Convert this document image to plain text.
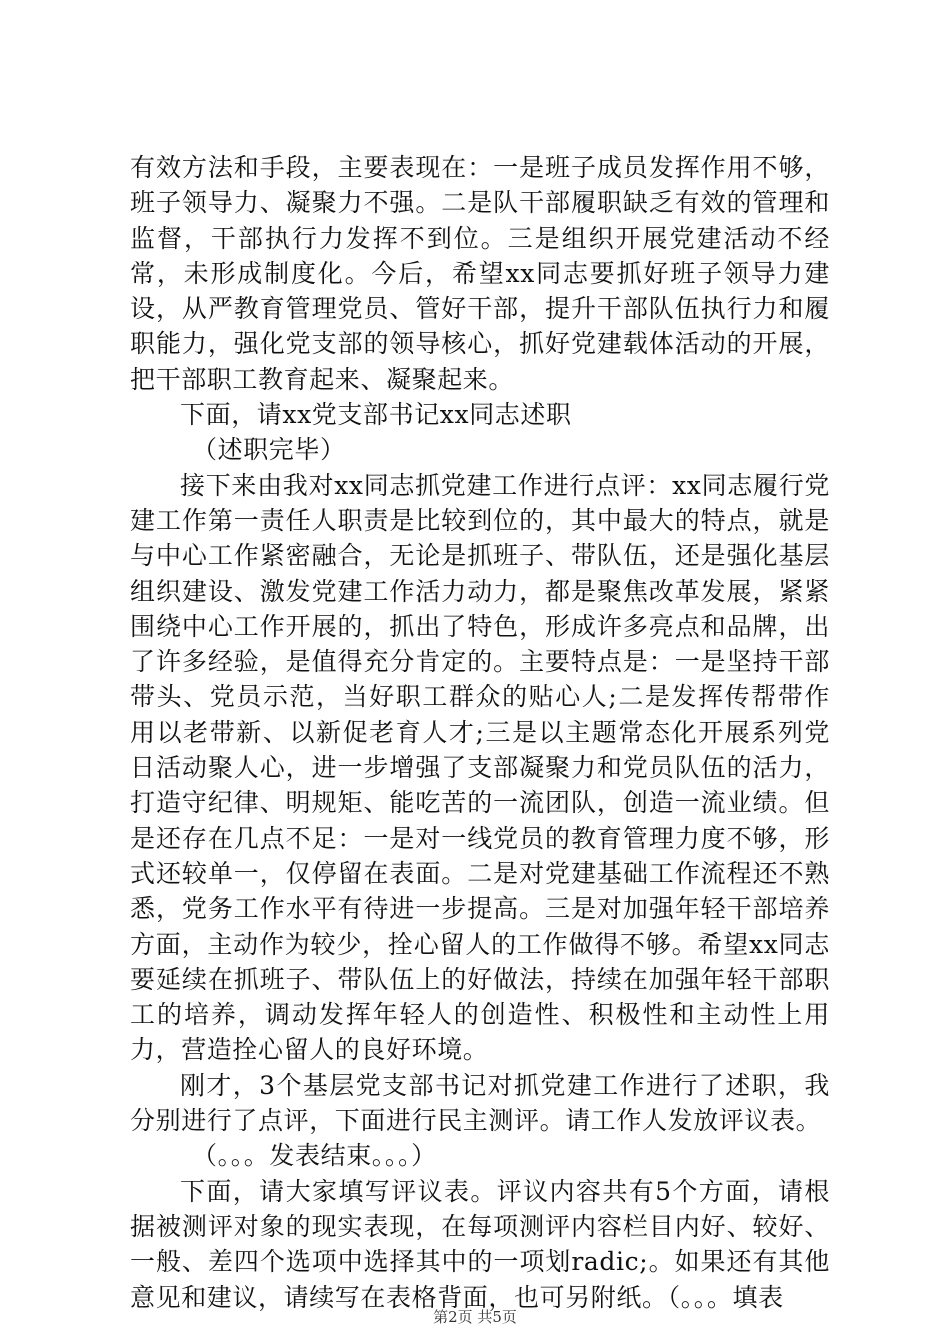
有效方法和手段，主要表现在：一是班子成员发挥作用不够，班子领导力、凝聚力不强。二是队干部履职缺乏有效的管理和监督，干部执行力发挥不到位。三是组织开展党建活动不经常，未形成制度化。今后，希望xx同志要抓好班子领导力建设，从严教育管理党员、管好干部，提升干部队伍执行力和履职能力，强化党支部的领导核心，抓好党建载体活动的开展，把干部职工教育起来、凝聚起来。

下面，请xx党支部书记xx同志述职

（述职完毕）

接下来由我对xx同志抓党建工作进行点评：xx同志履行党建工作第一责任人职责是比较到位的，其中最大的特点，就是与中心工作紧密融合，无论是抓班子、带队伍，还是强化基层组织建设、激发党建工作活力动力，都是聚焦改革发展，紧紧围绕中心工作开展的，抓出了特色，形成许多亮点和品牌，出了许多经验，是值得充分肯定的。主要特点是：一是坚持干部带头、党员示范，当好职工群众的贴心人;二是发挥传帮带作用以老带新、以新促老育人才;三是以主题常态化开展系列党日活动聚人心，进一步增强了支部凝聚力和党员队伍的活力，打造守纪律、明规矩、能吃苦的一流团队，创造一流业绩。但是还存在几点不足：一是对一线党员的教育管理力度不够，形式还较单一，仅停留在表面。二是对党建基础工作流程还不熟悉，党务工作水平有待进一步提高。三是对加强年轻干部培养方面，主动作为较少，拴心留人的工作做得不够。希望xx同志要延续在抓班子、带队伍上的好做法，持续在加强年轻干部职工的培养，调动发挥年轻人的创造性、积极性和主动性上用力，营造拴心留人的良好环境。

刚才，3个基层党支部书记对抓党建工作进行了述职，我分别进行了点评，下面进行民主测评。请工作人发放评议表。

（。。。发表结束。。。）

下面，请大家填写评议表。评议内容共有5个方面，请根据被测评对象的现实表现，在每项测评内容栏目内好、较好、一般、差四个选项中选择其中的一项划radic;。如果还有其他意见和建议，请续写在表格背面，也可另附纸。（。。。填表

第2页 共5页
